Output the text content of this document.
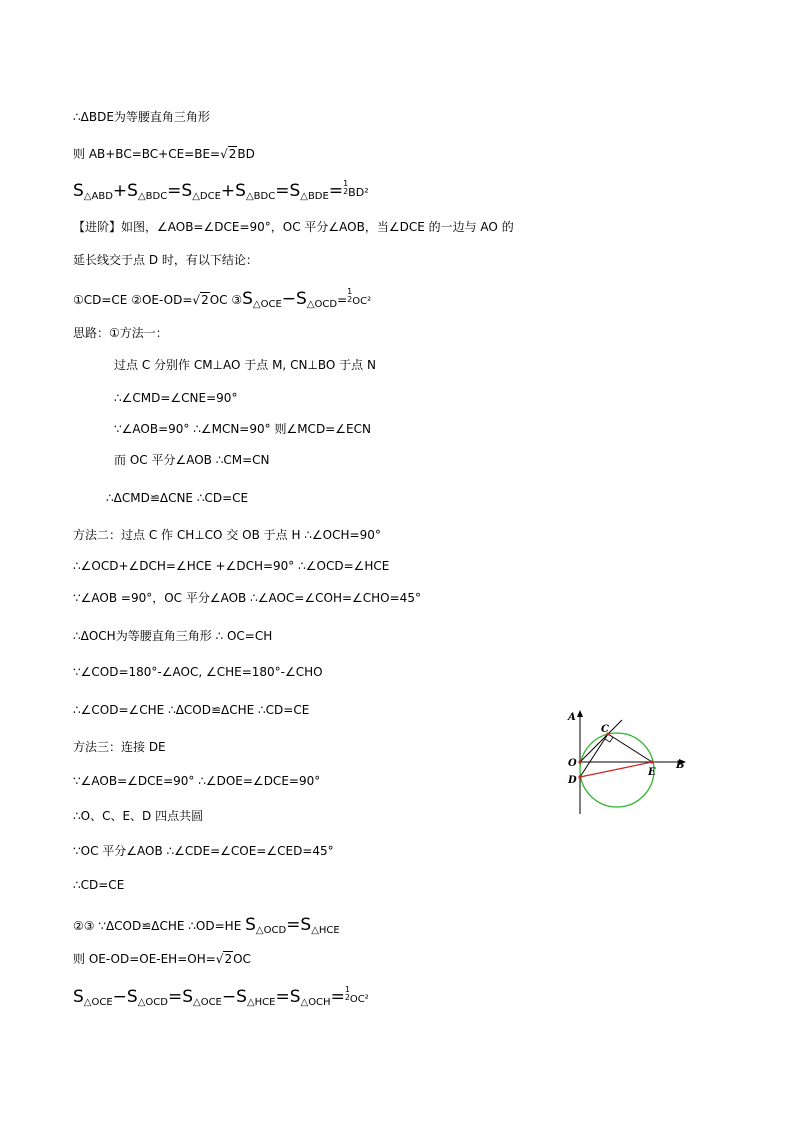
∴ΔBDE为等腰直角三角形
则 AB+BC=BC+CE=BE=√2BD
$S_{\triangle ABD}+S_{\triangle BDC}=S_{\triangle DCE}+S_{\triangle BDC}=S_{\triangle BDE}= 1$
2 BD²
【进阶】如图，∠AOB=∠DCE=90°，OC 平分∠AOB，当∠DCE 的一边与 AO 的
延长线交于点 D 时，有以下结论：
①CD=CE ②OE-OD=√2OC $③S_{\triangle OCE}-S_{\triangle OCD}=$
1
2 OC²
思路：①方法一：
过点 C 分别作 CM⊥AO 于点 M, CN⊥BO 于点 N
∴∠CMD=∠CNE=90°
∵∠AOB=90° ∴∠MCN=90° 则∠MCD=∠ECN
而 OC 平分∠AOB ∴CM=CN
∴ΔCMD≌ΔCNE ∴CD=CE
方法二：过点 C 作 CH⊥CO 交 OB 于点 H ∴∠OCH=90°
∴∠OCD+∠DCH=∠HCE +∠DCH=90° ∴∠OCD=∠HCE
∵∠AOB =90°，OC 平分∠AOB ∴∠AOC=∠COH=∠CHO=45°
∴ΔOCH为等腰直角三角形 ∴ OC=CH
∵∠COD=180°-∠AOC, ∠CHE=180°-∠CHO
∴∠COD=∠CHE ∴ΔCOD≌ΔCHE ∴CD=CE
方法三：连接 DE
∵∠AOB=∠DCE=90° ∴∠DOE=∠DCE=90°
∴O、C、E、D 四点共圆
∵OC 平分∠AOB ∴∠CDE=∠COE=∠CED=45°
∴CD=CE
②③ ∵ΔCOD≌ΔCHE ∴OD=HE $S_{\triangle OCD}=S_{\triangle HCE}$
则 OE-OD=OE-EH=OH=√2OC
$S_{\triangle OCE}-S_{\triangle OCD}=S_{\triangle OCE}-S_{\triangle HCE}=S_{\triangle OCH}= 1$
2 OC²
A
C
O
D
E
B
